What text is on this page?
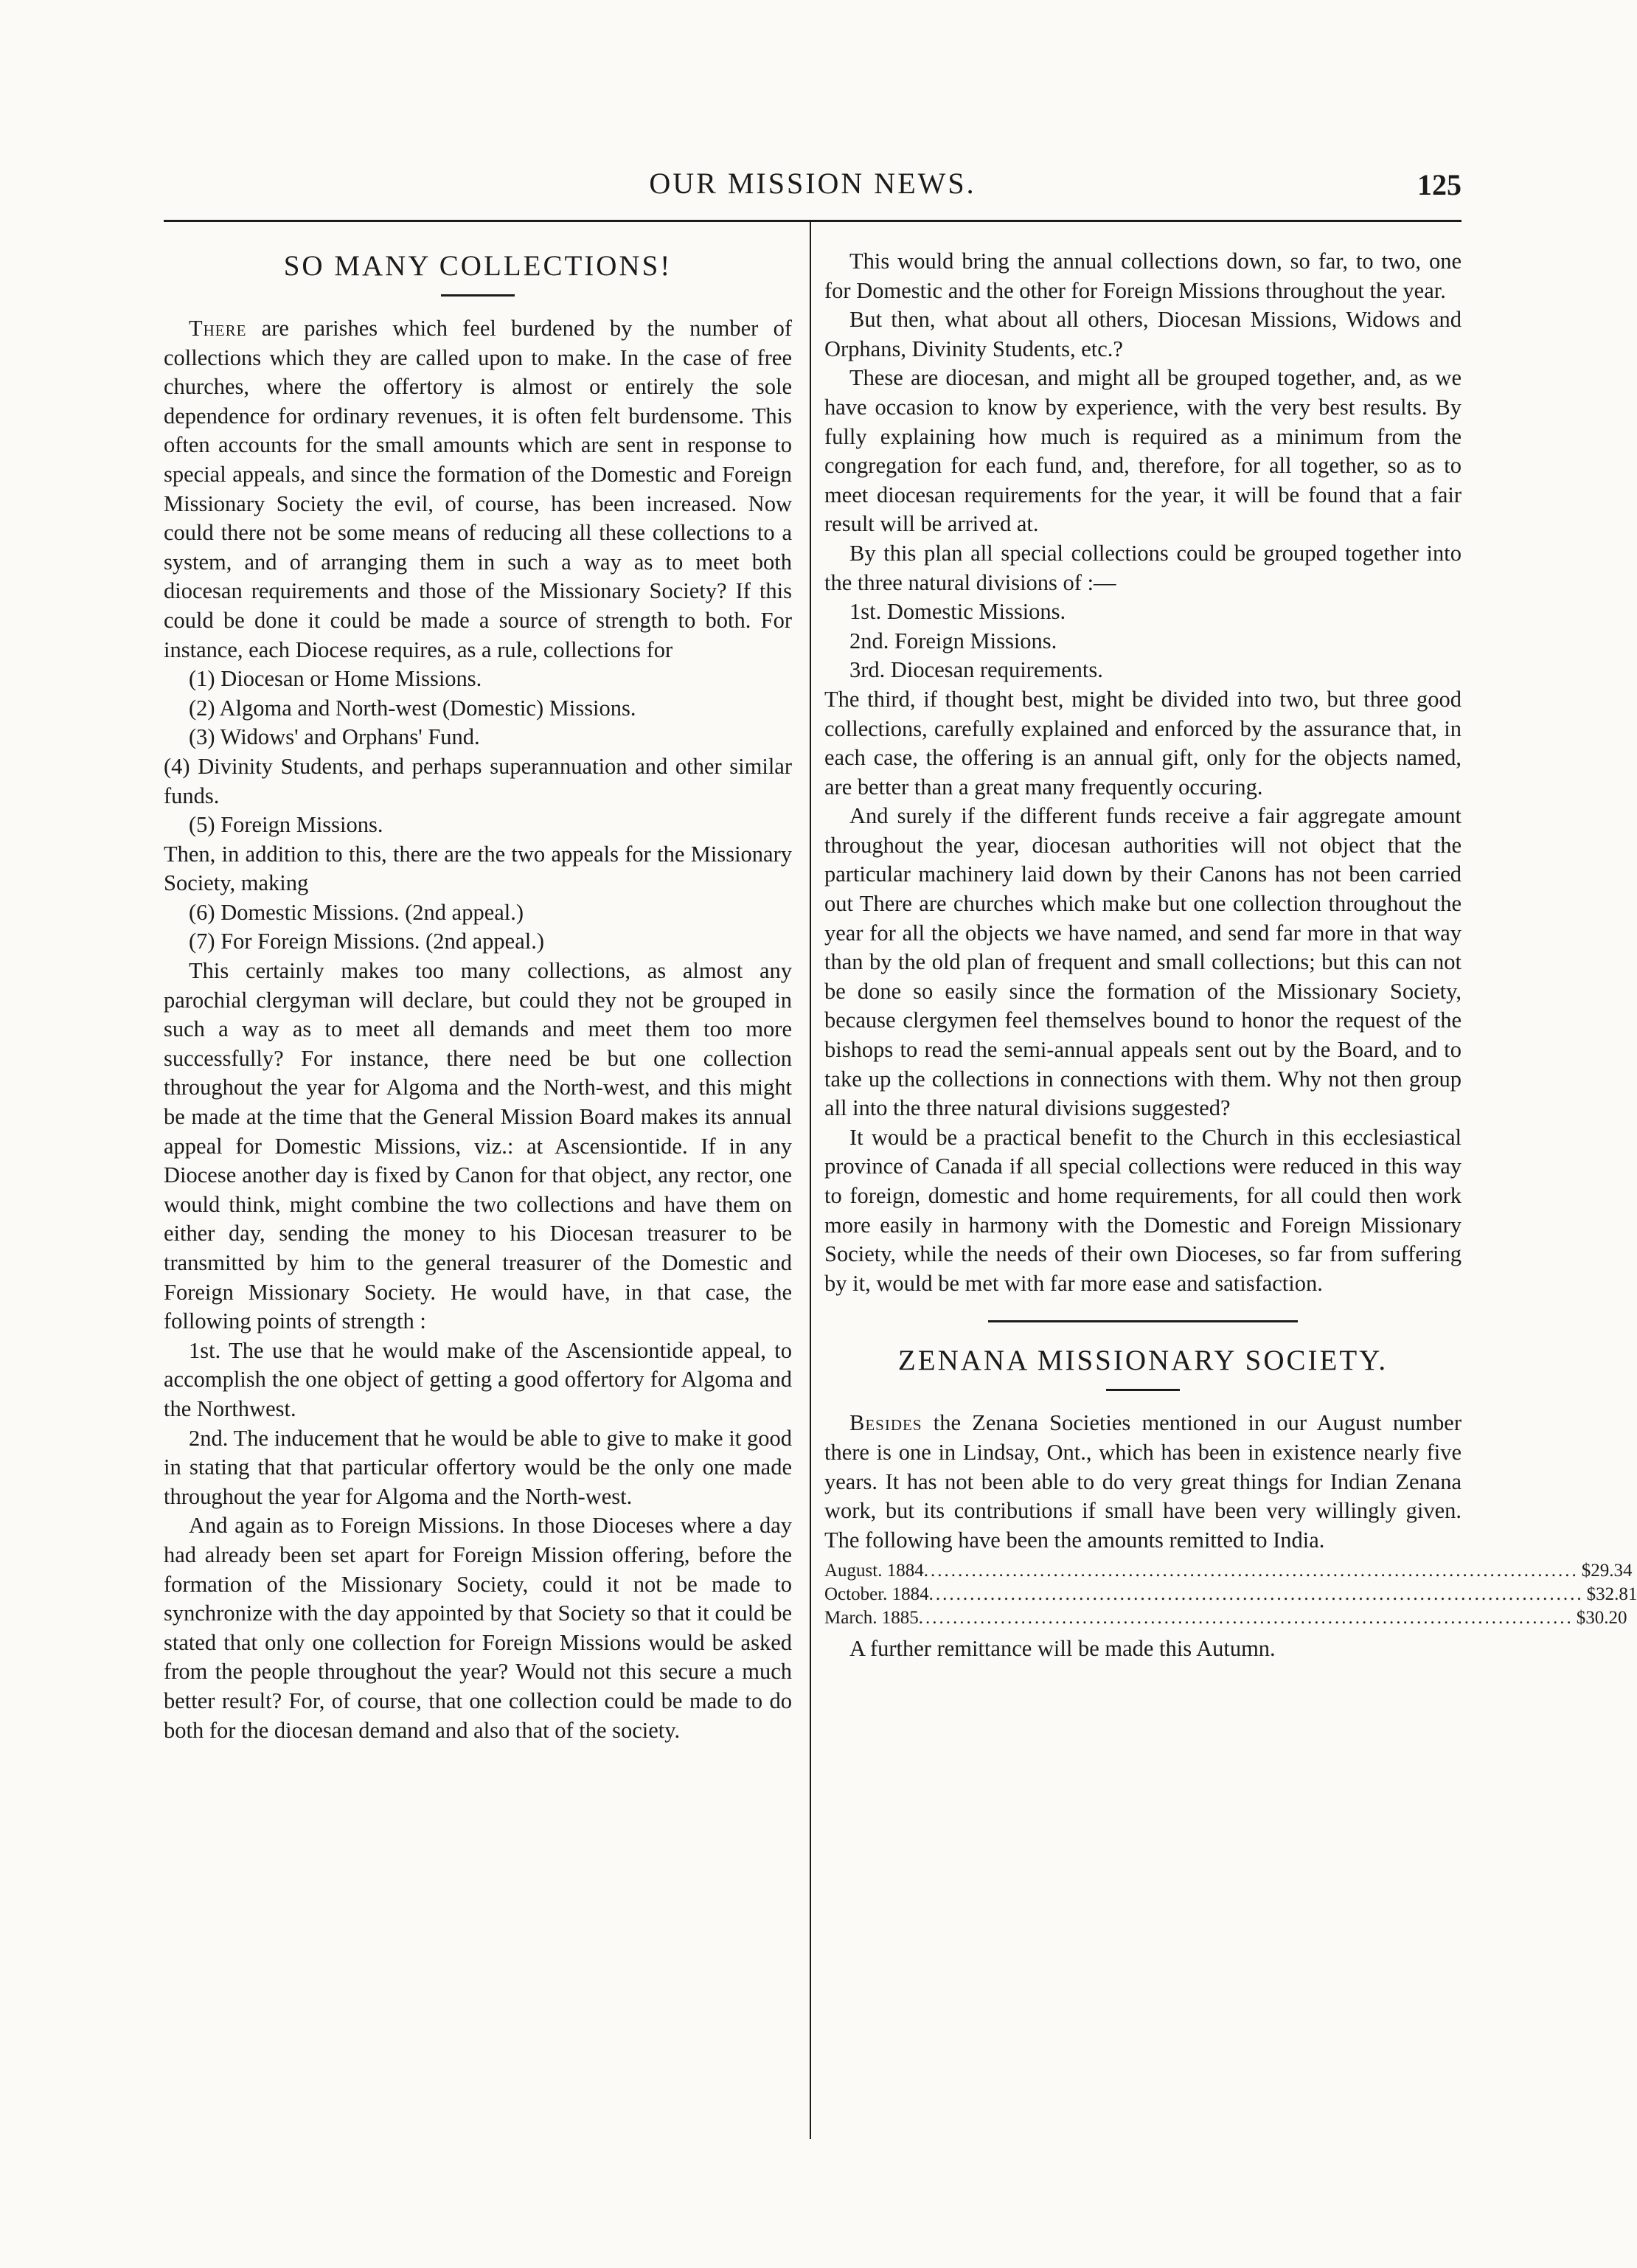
OUR MISSION NEWS.	125
SO MANY COLLECTIONS!

There are parishes which feel burdened by the number of collections which they are called upon to make. In the case of free churches, where the offertory is almost or entirely the sole dependence for ordinary revenues, it is often felt burdensome. This often accounts for the small amounts which are sent in response to special appeals, and since the formation of the Domestic and Foreign Missionary Society the evil, of course, has been increased. Now could there not be some means of reducing all these collections to a system, and of arranging them in such a way as to meet both diocesan requirements and those of the Missionary Society? If this could be done it could be made a source of strength to both. For instance, each Diocese requires, as a rule, collections for

(1) Diocesan or Home Missions.

(2) Algoma and North-west (Domestic) Missions.

(3) Widows' and Orphans' Fund.

(4) Divinity Students, and perhaps superannuation and other similar funds.

(5) Foreign Missions.

Then, in addition to this, there are the two appeals for the Missionary Society, making

(6) Domestic Missions. (2nd appeal.)

(7) For Foreign Missions. (2nd appeal.)

This certainly makes too many collections, as almost any parochial clergyman will declare, but could they not be grouped in such a way as to meet all demands and meet them too more successfully? For instance, there need be but one collection throughout the year for Algoma and the North-west, and this might be made at the time that the General Mission Board makes its annual appeal for Domestic Missions, viz.: at Ascensiontide. If in any Diocese another day is fixed by Canon for that object, any rector, one would think, might combine the two collections and have them on either day, sending the money to his Diocesan treasurer to be transmitted by him to the general treasurer of the Domestic and Foreign Missionary Society. He would have, in that case, the following points of strength :

1st. The use that he would make of the Ascensiontide appeal, to accomplish the one object of getting a good offertory for Algoma and the Northwest.

2nd. The inducement that he would be able to give to make it good in stating that that particular offertory would be the only one made throughout the year for Algoma and the North-west.

And again as to Foreign Missions. In those Dioceses where a day had already been set apart for Foreign Mission offering, before the formation of the Missionary Society, could it not be made to synchronize with the day appointed by that Society so that it could be stated that only one collection for Foreign Missions would be asked from the people throughout the year? Would not this secure a much better result? For, of course, that one collection could be made to do both for the diocesan demand and also that of the society.

This would bring the annual collections down, so far, to two, one for Domestic and the other for Foreign Missions throughout the year.

But then, what about all others, Diocesan Missions, Widows and Orphans, Divinity Students, etc.?

These are diocesan, and might all be grouped together, and, as we have occasion to know by experience, with the very best results. By fully explaining how much is required as a minimum from the congregation for each fund, and, therefore, for all together, so as to meet diocesan requirements for the year, it will be found that a fair result will be arrived at.

By this plan all special collections could be grouped together into the three natural divisions of :—

1st. Domestic Missions.

2nd. Foreign Missions.

3rd. Diocesan requirements.

The third, if thought best, might be divided into two, but three good collections, carefully explained and enforced by the assurance that, in each case, the offering is an annual gift, only for the objects named, are better than a great many frequently occuring.

And surely if the different funds receive a fair aggregate amount throughout the year, diocesan authorities will not object that the particular machinery laid down by their Canons has not been carried out There are churches which make but one collection throughout the year for all the objects we have named, and send far more in that way than by the old plan of frequent and small collections; but this can not be done so easily since the formation of the Missionary Society, because clergymen feel themselves bound to honor the request of the bishops to read the semi-annual appeals sent out by the Board, and to take up the collections in connections with them. Why not then group all into the three natural divisions suggested?

It would be a practical benefit to the Church in this ecclesiastical province of Canada if all special collections were reduced in this way to foreign, domestic and home requirements, for all could then work more easily in harmony with the Domestic and Foreign Missionary Society, while the needs of their own Dioceses, so far from suffering by it, would be met with far more ease and satisfaction.

ZENANA MISSIONARY SOCIETY.

Besides the Zenana Societies mentioned in our August number there is one in Lindsay, Ont., which has been in existence nearly five years. It has not been able to do very great things for Indian Zenana work, but its contributions if small have been very willingly given. The following have been the amounts remitted to India.

August. 1884 ................................................................................................ $29.34
October. 1884 ................................................................................................ $32.81
March. 1885 ................................................................................................ $30.20

A further remittance will be made this Autumn.
